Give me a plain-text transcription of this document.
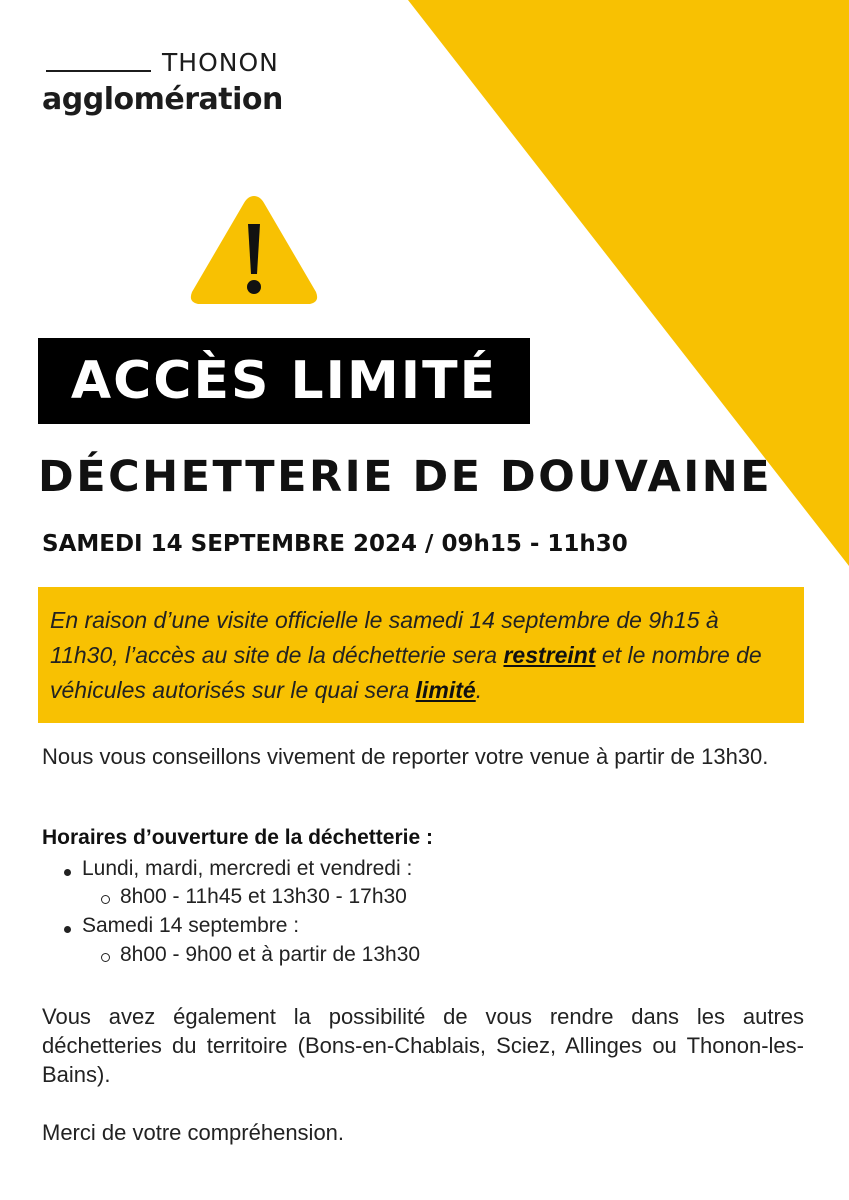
THONON
agglomération
ACCÈS LIMITÉ
DÉCHETTERIE DE DOUVAINE
SAMEDI 14 SEPTEMBRE 2024 / 09h15 - 11h30
En raison d’une visite officielle le samedi 14 septembre de 9h15 à 11h30, l’accès au site de la déchetterie sera restreint et le nombre de véhicules autorisés sur le quai sera limité.
Nous vous conseillons vivement de reporter votre venue à partir de 13h30.
Horaires d’ouverture de la déchetterie :
Lundi, mardi, mercredi et vendredi :
8h00 - 11h45 et 13h30 - 17h30
Samedi 14 septembre :
8h00 - 9h00 et à partir de 13h30
Vous avez également la possibilité de vous rendre dans les autres déchetteries du territoire (Bons-en-Chablais, Sciez, Allinges ou Thonon-les-Bains).
Merci de votre compréhension.
